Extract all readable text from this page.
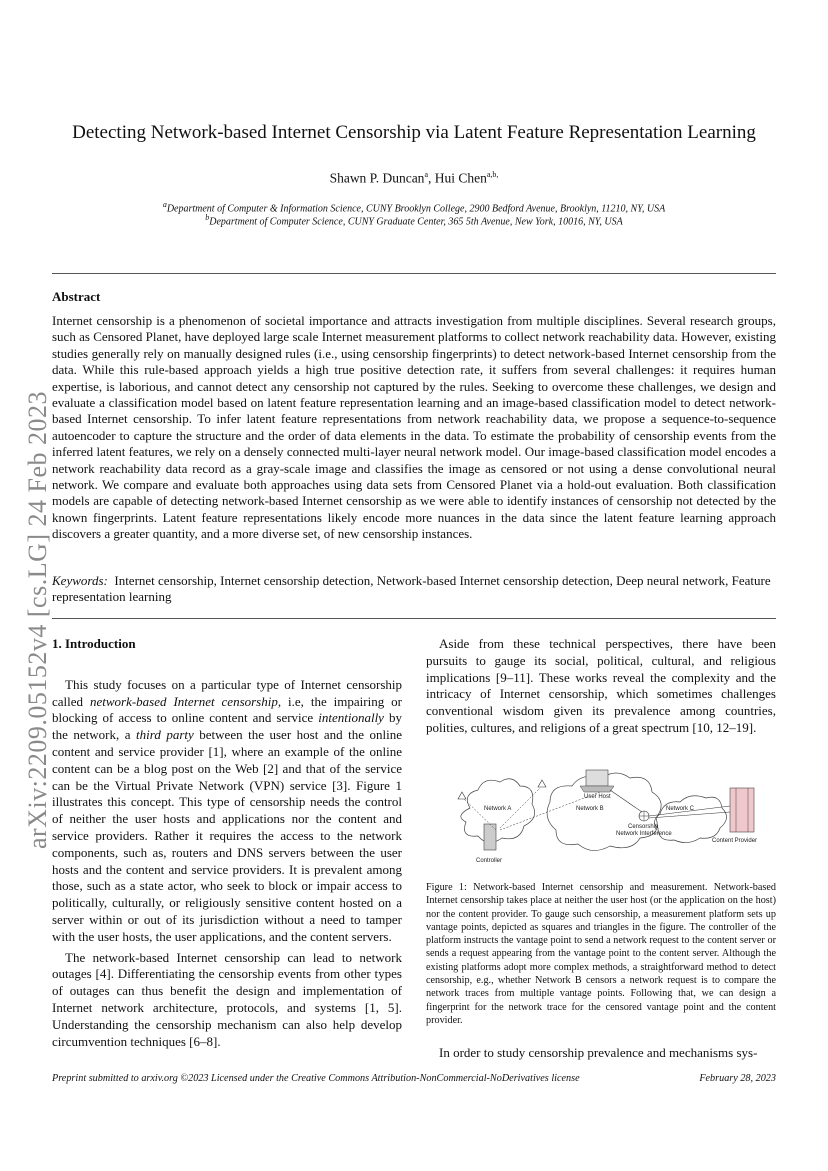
arXiv:2209.05152v4 [cs.LG] 24 Feb 2023
Detecting Network-based Internet Censorship via Latent Feature Representation Learning
Shawn P. Duncan$^a$, Hui Chen$^{a,b,}$
$^a$Department of Computer & Information Science, CUNY Brooklyn College, 2900 Bedford Avenue, Brooklyn, 11210, NY, USA
$^b$Department of Computer Science, CUNY Graduate Center, 365 5th Avenue, New York, 10016, NY, USA
Abstract
Internet censorship is a phenomenon of societal importance and attracts investigation from multiple disciplines. Several research groups, such as Censored Planet, have deployed large scale Internet measurement platforms to collect network reachability data. However, existing studies generally rely on manually designed rules (i.e., using censorship fingerprints) to detect network-based Internet censorship from the data. While this rule-based approach yields a high true positive detection rate, it suffers from several challenges: it requires human expertise, is laborious, and cannot detect any censorship not captured by the rules. Seeking to overcome these challenges, we design and evaluate a classification model based on latent feature representation learning and an image-based classification model to detect network-based Internet censorship. To infer latent feature representations from network reachability data, we propose a sequence-to-sequence autoencoder to capture the structure and the order of data elements in the data. To estimate the probability of censorship events from the inferred latent features, we rely on a densely connected multi-layer neural network model. Our image-based classification model encodes a network reachability data record as a gray-scale image and classifies the image as censored or not using a dense convolutional neural network. We compare and evaluate both approaches using data sets from Censored Planet via a hold-out evaluation. Both classification models are capable of detecting network-based Internet censorship as we were able to identify instances of censorship not detected by the known fingerprints. Latent feature representations likely encode more nuances in the data since the latent feature learning approach discovers a greater quantity, and a more diverse set, of new censorship instances.
Keywords: Internet censorship, Internet censorship detection, Network-based Internet censorship detection, Deep neural network, Feature representation learning
1. Introduction

This study focuses on a particular type of Internet censorship called network-based Internet censorship, i.e, the impairing or blocking of access to online content and service intentionally by the network, a third party between the user host and the online content and service provider [1], where an example of the online content can be a blog post on the Web [2] and that of the service can be the Virtual Private Network (VPN) service [3]. Figure 1 illustrates this concept. This type of censorship needs the control of neither the user hosts and applications nor the content and service providers. Rather it requires the access to the network components, such as, routers and DNS servers between the user hosts and the content and service providers. It is prevalent among those, such as a state actor, who seek to block or impair access to politically, culturally, or religiously sensitive content hosted on a server within or out of its jurisdiction without a need to tamper with the user hosts, the user applications, and the content servers.

The network-based Internet censorship can lead to network outages [4]. Differentiating the censorship events from other types of outages can thus benefit the design and implementation of Internet network architecture, protocols, and systems [1, 5]. Understanding the censorship mechanism can also help develop circumvention techniques [6–8].

Aside from these technical perspectives, there have been pursuits to gauge its social, political, cultural, and religious implications [9–11]. These works reveal the complexity and the intricacy of Internet censorship, which sometimes challenges conventional wisdom given its prevalence among countries, polities, cultures, and religions of a great spectrum [10, 12–19].

User Host
Network A	Network B	Network C
Censorship
Network Interference
Content Provider
Controller
Figure 1: Network-based Internet censorship and measurement. Network-based Internet censorship takes place at neither the user host (or the application on the host) nor the content provider. To gauge such censorship, a measurement platform sets up vantage points, depicted as squares and triangles in the figure. The controller of the platform instructs the vantage point to send a network request to the content server or sends a request appearing from the vantage point to the content server. Although the existing platforms adopt more complex methods, a straightforward method to detect censorship, e.g., whether Network B censors a network request is to compare the network traces from multiple vantage points. Following that, we can design a fingerprint for the network trace for the censored vantage point and the content provider.
In order to study censorship prevalence and mechanisms sys-
Preprint submitted to arxiv.org ©2023 Licensed under the Creative Commons Attribution-NonCommercial-NoDerivatives license	February 28, 2023
